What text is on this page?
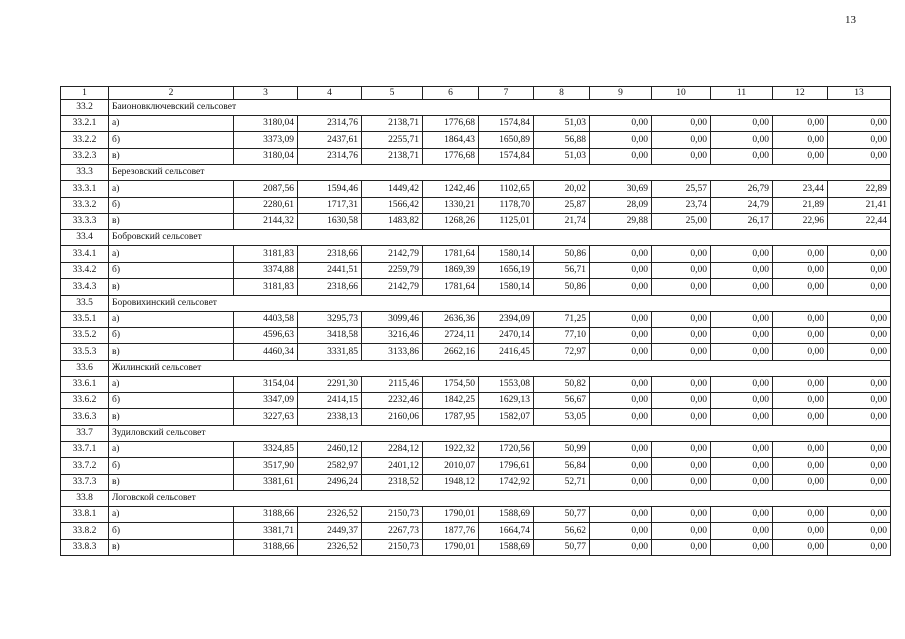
13
1	2	3	4	5	6	7	8	9	10	11	12	13
33.2	Баионовключевский сельсовет											
33.2.1	а)	3180,04	2314,76	2138,71	1776,68	1574,84	51,03	0,00	0,00	0,00	0,00	0,00
33.2.2	б)	3373,09	2437,61	2255,71	1864,43	1650,89	56,88	0,00	0,00	0,00	0,00	0,00
33.2.3	в)	3180,04	2314,76	2138,71	1776,68	1574,84	51,03	0,00	0,00	0,00	0,00	0,00
33.3	Березовский сельсовет											
33.3.1	а)	2087,56	1594,46	1449,42	1242,46	1102,65	20,02	30,69	25,57	26,79	23,44	22,89
33.3.2	б)	2280,61	1717,31	1566,42	1330,21	1178,70	25,87	28,09	23,74	24,79	21,89	21,41
33.3.3	в)	2144,32	1630,58	1483,82	1268,26	1125,01	21,74	29,88	25,00	26,17	22,96	22,44
33.4	Бобровский сельсовет											
33.4.1	а)	3181,83	2318,66	2142,79	1781,64	1580,14	50,86	0,00	0,00	0,00	0,00	0,00
33.4.2	б)	3374,88	2441,51	2259,79	1869,39	1656,19	56,71	0,00	0,00	0,00	0,00	0,00
33.4.3	в)	3181,83	2318,66	2142,79	1781,64	1580,14	50,86	0,00	0,00	0,00	0,00	0,00
33.5	Боровихинский сельсовет											
33.5.1	а)	4403,58	3295,73	3099,46	2636,36	2394,09	71,25	0,00	0,00	0,00	0,00	0,00
33.5.2	б)	4596,63	3418,58	3216,46	2724,11	2470,14	77,10	0,00	0,00	0,00	0,00	0,00
33.5.3	в)	4460,34	3331,85	3133,86	2662,16	2416,45	72,97	0,00	0,00	0,00	0,00	0,00
33.6	Жилинский сельсовет											
33.6.1	а)	3154,04	2291,30	2115,46	1754,50	1553,08	50,82	0,00	0,00	0,00	0,00	0,00
33.6.2	б)	3347,09	2414,15	2232,46	1842,25	1629,13	56,67	0,00	0,00	0,00	0,00	0,00
33.6.3	в)	3227,63	2338,13	2160,06	1787,95	1582,07	53,05	0,00	0,00	0,00	0,00	0,00
33.7	Зудиловский сельсовет											
33.7.1	а)	3324,85	2460,12	2284,12	1922,32	1720,56	50,99	0,00	0,00	0,00	0,00	0,00
33.7.2	б)	3517,90	2582,97	2401,12	2010,07	1796,61	56,84	0,00	0,00	0,00	0,00	0,00
33.7.3	в)	3381,61	2496,24	2318,52	1948,12	1742,92	52,71	0,00	0,00	0,00	0,00	0,00
33.8	Логовской сельсовет											
33.8.1	а)	3188,66	2326,52	2150,73	1790,01	1588,69	50,77	0,00	0,00	0,00	0,00	0,00
33.8.2	б)	3381,71	2449,37	2267,73	1877,76	1664,74	56,62	0,00	0,00	0,00	0,00	0,00
33.8.3	в)	3188,66	2326,52	2150,73	1790,01	1588,69	50,77	0,00	0,00	0,00	0,00	0,00
